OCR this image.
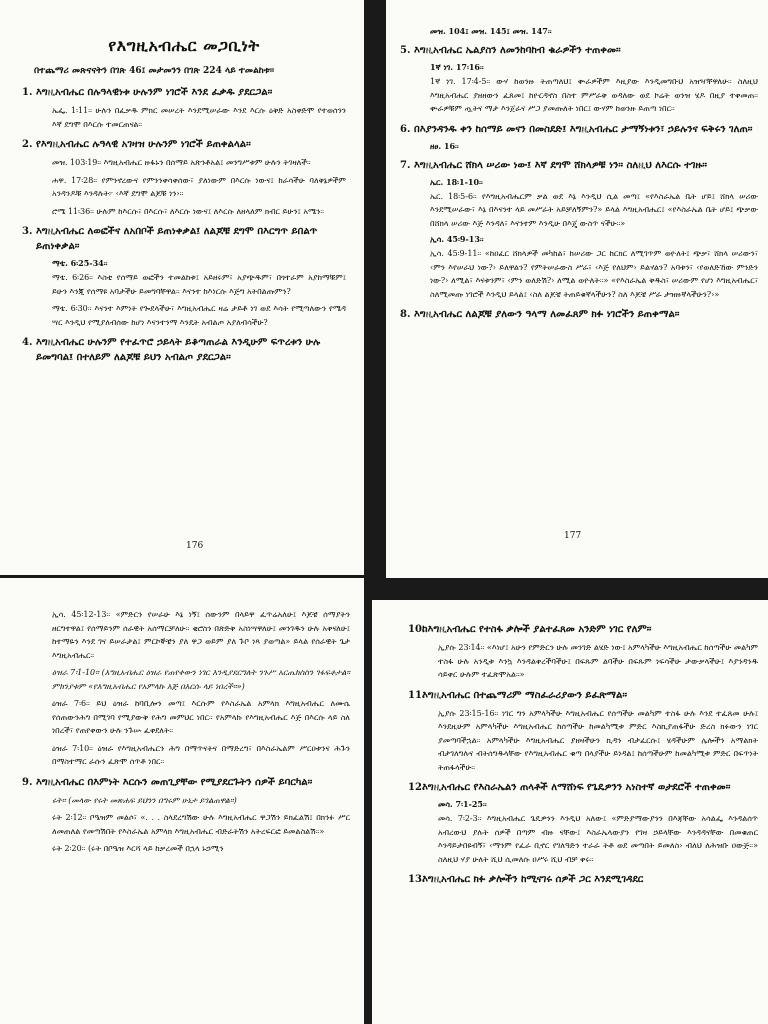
የእግዚአብሔር መጋቢነት
በተጨማሪ መጽናናትን በገጽ 46፤ መታመንን በገጽ 224 ላይ ተመልከቱ።
1. እግዚአብሔር በሉዓላዊነቱ ሁሉንም ነገሮች እንደ ፈቃዱ ያደርጋል።
ኤፌ. 1፡11። ሁሉን በፈቃዱ ምክር መሠረት እንደሚሠራው እንደ እርሱ ዕቅድ አስቀድሞ የተወሰንን እኛ ደግሞ በእርሱ ተመርጠናል።
2. የእግዚአብሔር ሉዓላዊ አገዛዝ ሁሉንም ነገሮች ይጠቀልላል።
መዝ. 103፡19። እግዚአብሔር ዙፋኑን በሰማይ አጽንቶአል፤ መንግሥቱም ሁሉን ትገዛለች።
ሐዋ. 17፡28። የምንኖረውና የምንንቀሳቀሰው፣ ያለነውም በእርሱ ነውና፤ ከራሳችሁ ባለቅኔዎችም አንዳንዶቹ እንዳሉት፦ ‹እኛ ደግሞ ልጆቹ ነን›።
ሮሜ 11፡36። ሁሉም ከእርሱ፣ በእርሱ፣ ለእርሱ ነውና፤ ለእርሱ ለዘላለም ክብር ይሁን፤ አሜን።
3. እግዚአብሔር ለወፎችና ለአበቦች ይጠነቀቃል፤ ለልጆቹ ደግሞ በእርግጥ ይበልጥ ይጠነቀቃል።
ማቴ. 6፡25-34።
ማቴ. 6፡26። እስቲ የሰማይ ወፎችን ተመልከቱ፤ አይዘሩም፣ አያጭዱም፣ በጎተራም አያከማቹም፤ ይሁን እንጂ የሰማዩ አባታችሁ ይመግባቸዋል። እናንተ ከእነርሱ እጅግ አትበልጡምን?
ማቴ. 6፡30። እናንተ እምነት የጐደላችሁ፣ እግዚአብሔር ዛሬ ታይቶ ነገ ወደ እሳት የሚጣለውን የሜዳ ሣር እንዲህ የሚያለብሰው ከሆነ እናንተንማ እንዴት አብልጦ አያለብሳችሁ?
4. እግዚአብሔር ሁሉንም የተፈጥሮ ኃይላት ይቆጣጠራል እንዲሁም ፍጥረቱን ሁሉ ይመግባል፤ በተለይም ለልጆቹ ይህን አብልጦ ያደርጋል።
176
መዝ. 104፤ መዝ. 145፤ መዝ. 147።
5. እግዚአብሔር ኤልያስን ለመንከባከብ ቁራዎችን ተጠቀመ።
1ኛ ነገ. 17፡16።
1ኛ ነገ. 17፡4-5። ውሃ ከወንዙ ትጠጣለህ፤ ቍራዎችም እዚያው እንዲመግቡህ አዝዣቸዋለሁ። ስለዚህ እግዚአብሔር ያዘዘውን ፈጸመ፤ ከዮርዳኖስ በስተ ምሥራቅ ወዳለው ወደ ኮሬት ወንዝ ሄዶ በዚያ ተቀመጠ። ቍራዎቹም ጧትና ማታ እንጀራና ሥጋ ያመጡለት ነበር፤ ውሃም ከወንዙ ይጠጣ ነበር።
6. በእያንዳንዱ ቀን ከሰማይ መናን በመስደድ፤ እግዚአብሔር ታማኝነቱን፣ ኃይሉንና ፍቅሩን ገለጠ።
ዘፀ. 16።
7. እግዚአብሔር ሸክላ ሠሪው ነው፤ እኛ ደግሞ ሸክላዎቹ ነን። ስለዚህ ለእርሱ ተገዙ።
ኤር. 18፡1-10።
ኤር. 18፡5-6። የእግዚአብሔርም ቃል ወደ እኔ እንዲህ ሲል መጣ፤ «የእስራኤል ቤት ሆይ፤ ሸክላ ሠሪው እንደሚሠራው፣ እኔ በእናንተ ላይ መሥራት አይቻለኝምን?» ይላል እግዚአብሔር፤ «የእስራኤል ቤት ሆይ፤ ጭቃው በሸክላ ሠሪው እጅ እንዳለ፣ እናንተም እንዲሁ በእጄ ውስጥ ናችሁ።»
ኢሳ. 45፡9-13።
ኢሳ. 45፡9-11። «ከዐፈር ሸክላዎች መካከል፣ ከሠሪው ጋር ከርክር ለሚገጥም ወዮለት፤ ጭቃ፣ ሸክላ ሠሪውን፣ ‹ምን እየሠራህ ነው?› ይለዋልን? የምትሠራውስ ሥራ፣ ‹እጅ የለህም› ይልሃልን? አባቱን፣ ‹የወለድኸው ምንድን ነው?› ለሚል፣ እናቱንም፣ ‹ምን ወለድሽ?› ለሚል ወዮለት።» «የእስራኤል ቅዱስ፣ ሠሪውም የሆነ እግዚአብሔር፣ ስለሚመጡ ነገሮች እንዲህ ይላል፤ ‹ስለ ልጆቼ ትጠይቁኛላችሁን? ስለ እጆቼ ሥራ ታዝዙኛላችሁን?›»
8. እግዚአብሔር ለልጆቹ ያለውን ዓላማ ለመፈጸም ክፉ ነገሮችን ይጠቀማል።
177
ኢሳ. 45፡12-13። «ምድርን የሠራሁ እኔ ነኝ፤ ሰውንም በላይዋ ፈጥሬአለሁ፤ እጆቼ ሰማያትን ዘርግተዋል፤ የሰማይንም ሰራዊት አሰማርቻለሁ። ቂሮስን በጽድቅ አስነሣዋለሁ፤ መንገዱን ሁሉ አቀናለሁ፤ ከተማዬን እንደ ገና ይሠራታል፤ ምርኮኞቼን ያለ ዋጋ ወይም ያለ ጉቦ ነጻ ያወጣል» ይላል የሰራዊት ጌታ እግዚአብሔር።
ዕዝራ 7፡1-10። (እግዚአብሔር ዕዝራ የጠየቀውን ነገር እንዲያደርግለት ንጉሥ አርጤክስስን ገፋፍቶታል። ምክንያቱም «የእግዚአብሔር የአምላኩ እጅ በእርሱ ላይ ነበረች።»)
ዕዝራ 7፡6። ይህ ዕዝራ ከባቢሎን መጣ፤ እርሱም የእስራኤል አምላክ እግዚአብሔር ለሙሴ የሰጠውንሕግ በሚገባ የሚያውቅ የሕግ መምህር ነበር። የአምላኩ የእግዚአብሔር እጅ በእርሱ ላይ ስለ ነበረች፣ የጠየቀውን ሁሉ ንጉሡ ፈቀደለት።
ዕዝራ 7፡10። ዕዝራ የእግዚአብሔርን ሕግ በማጥናትና በማድረግ፣ በእስራኤልም ሥርዐቱንና ሕጉን በማስተማር ራሱን ፈጽሞ ሰጥቶ ነበር።
9. እግዚአብሔር በእምነት እርሱን መጠጊያቸው የሚያደርጉትን ሰዎች ይባርካል።
ሩት። (መላው የሩት መጽሐፍ ይህንን በግሩም ሁኔታ ይገልጠዋል።)
ሩት 2፡12። ቦዔዝም መልሶ፣ «. . . ስላደረግሽው ሁሉ እግዚአብሔር ዋጋሽን ይክፈልሽ፤ በክንፉ ሥር ለመጠለል የመጣሽበት የእስራኤል አምላክ እግዚአብሔር ብድራትሽን አትረፍርፎ ይመልስልሽ።»
ሩት 2፡20። (ሩት በቦዔዝ እርሻ ላይ ከቃረመች በኋላ ኑኃሚን
10.ከእግዚአብሔር የተስፋ ቃሎች ያልተፈጸመ አንድም ነገር የለም።
ኢያሱ 23፡14። «እነሆ፤ አሁን የምድርን ሁሉ መንገድ ልሄድ ነው፤ አምላካችሁ እግዚአብሔር ከሰጣችሁ መልካም ተስፋ ሁሉ አንዲቱ እንኳ እንዳልቀረችባችሁ፤ በፍጹም ልባችሁ በፍጹም ነፍሳችሁ ታውቃላችሁ፤ እያንዳንዱ ሳይቀር ሁሉም ተፈጽሞአል።»
11.እግዚአብሔር በተጨማሪም ማስፈራሪያውን ይፈጽማል።
ኢያሱ 23፡15-16። ነገር ግን አምላካችሁ እግዚአብሔር የሰጣችሁ መልካም ተስፋ ሁሉ እንደ ተፈጸመ ሁሉ፤ እንደዚሁም አምላካችሁ እግዚአብሔር ከሰጣችሁ ከመልካሚቱ ምድር እስኪያጠፋችሁ ድረስ ክፉውን ነገር ያመጣባችኋል። አምላካችሁ እግዚአብሔር ያዘዛችሁን ኪዳን ብታፈርሱ፤ ሄዳችሁም ሌሎችን አማልክት ብታገለግሉና ብትሰግዱላቸው የእግዚአብሔር ቁጣ በላያችሁ ይነዳል፤ ከሰጣችሁም ከመልካሚቱ ምድር በፍጥነት ትጠፋላችሁ።
12.እግዚአብሔር የእስራኤልን ጠላቶች ለማሸነፍ የጌዴዎንን አነስተኛ ወታደሮች ተጠቀመ።
መሳ. 7፡1-25።
መሳ. 7፡2-3። እግዚአብሔር ጌዴዎንን እንዲህ አለው፤ «ምድያማውያንን በእጃቸው አሳልፌ እንዳልሰጥ አብረውህ ያሉት ሰዎች በጣም ብዙ ናቸው፤ እስራኤላውያን የገዛ ኃይላቸው እንዳዳናቸው በመቁጠር እንዳይታበዩብኝ፣ ‹ማንም የፈራ ቢኖር የገለዓድን ተራራ ትቶ ወደ መጣበት ይመለስ› ብለህ ለሕዝቡ ዐውጅ።» ስለዚህ ሃያ ሁለት ሺህ ሲመለሱ ዐሥሩ ሺህ ብቻ ቀሩ።
13.እግዚአብሔር ክፉ ቃሎችን ከሚናገሩ ሰዎች ጋር እንደሚገዳደር
